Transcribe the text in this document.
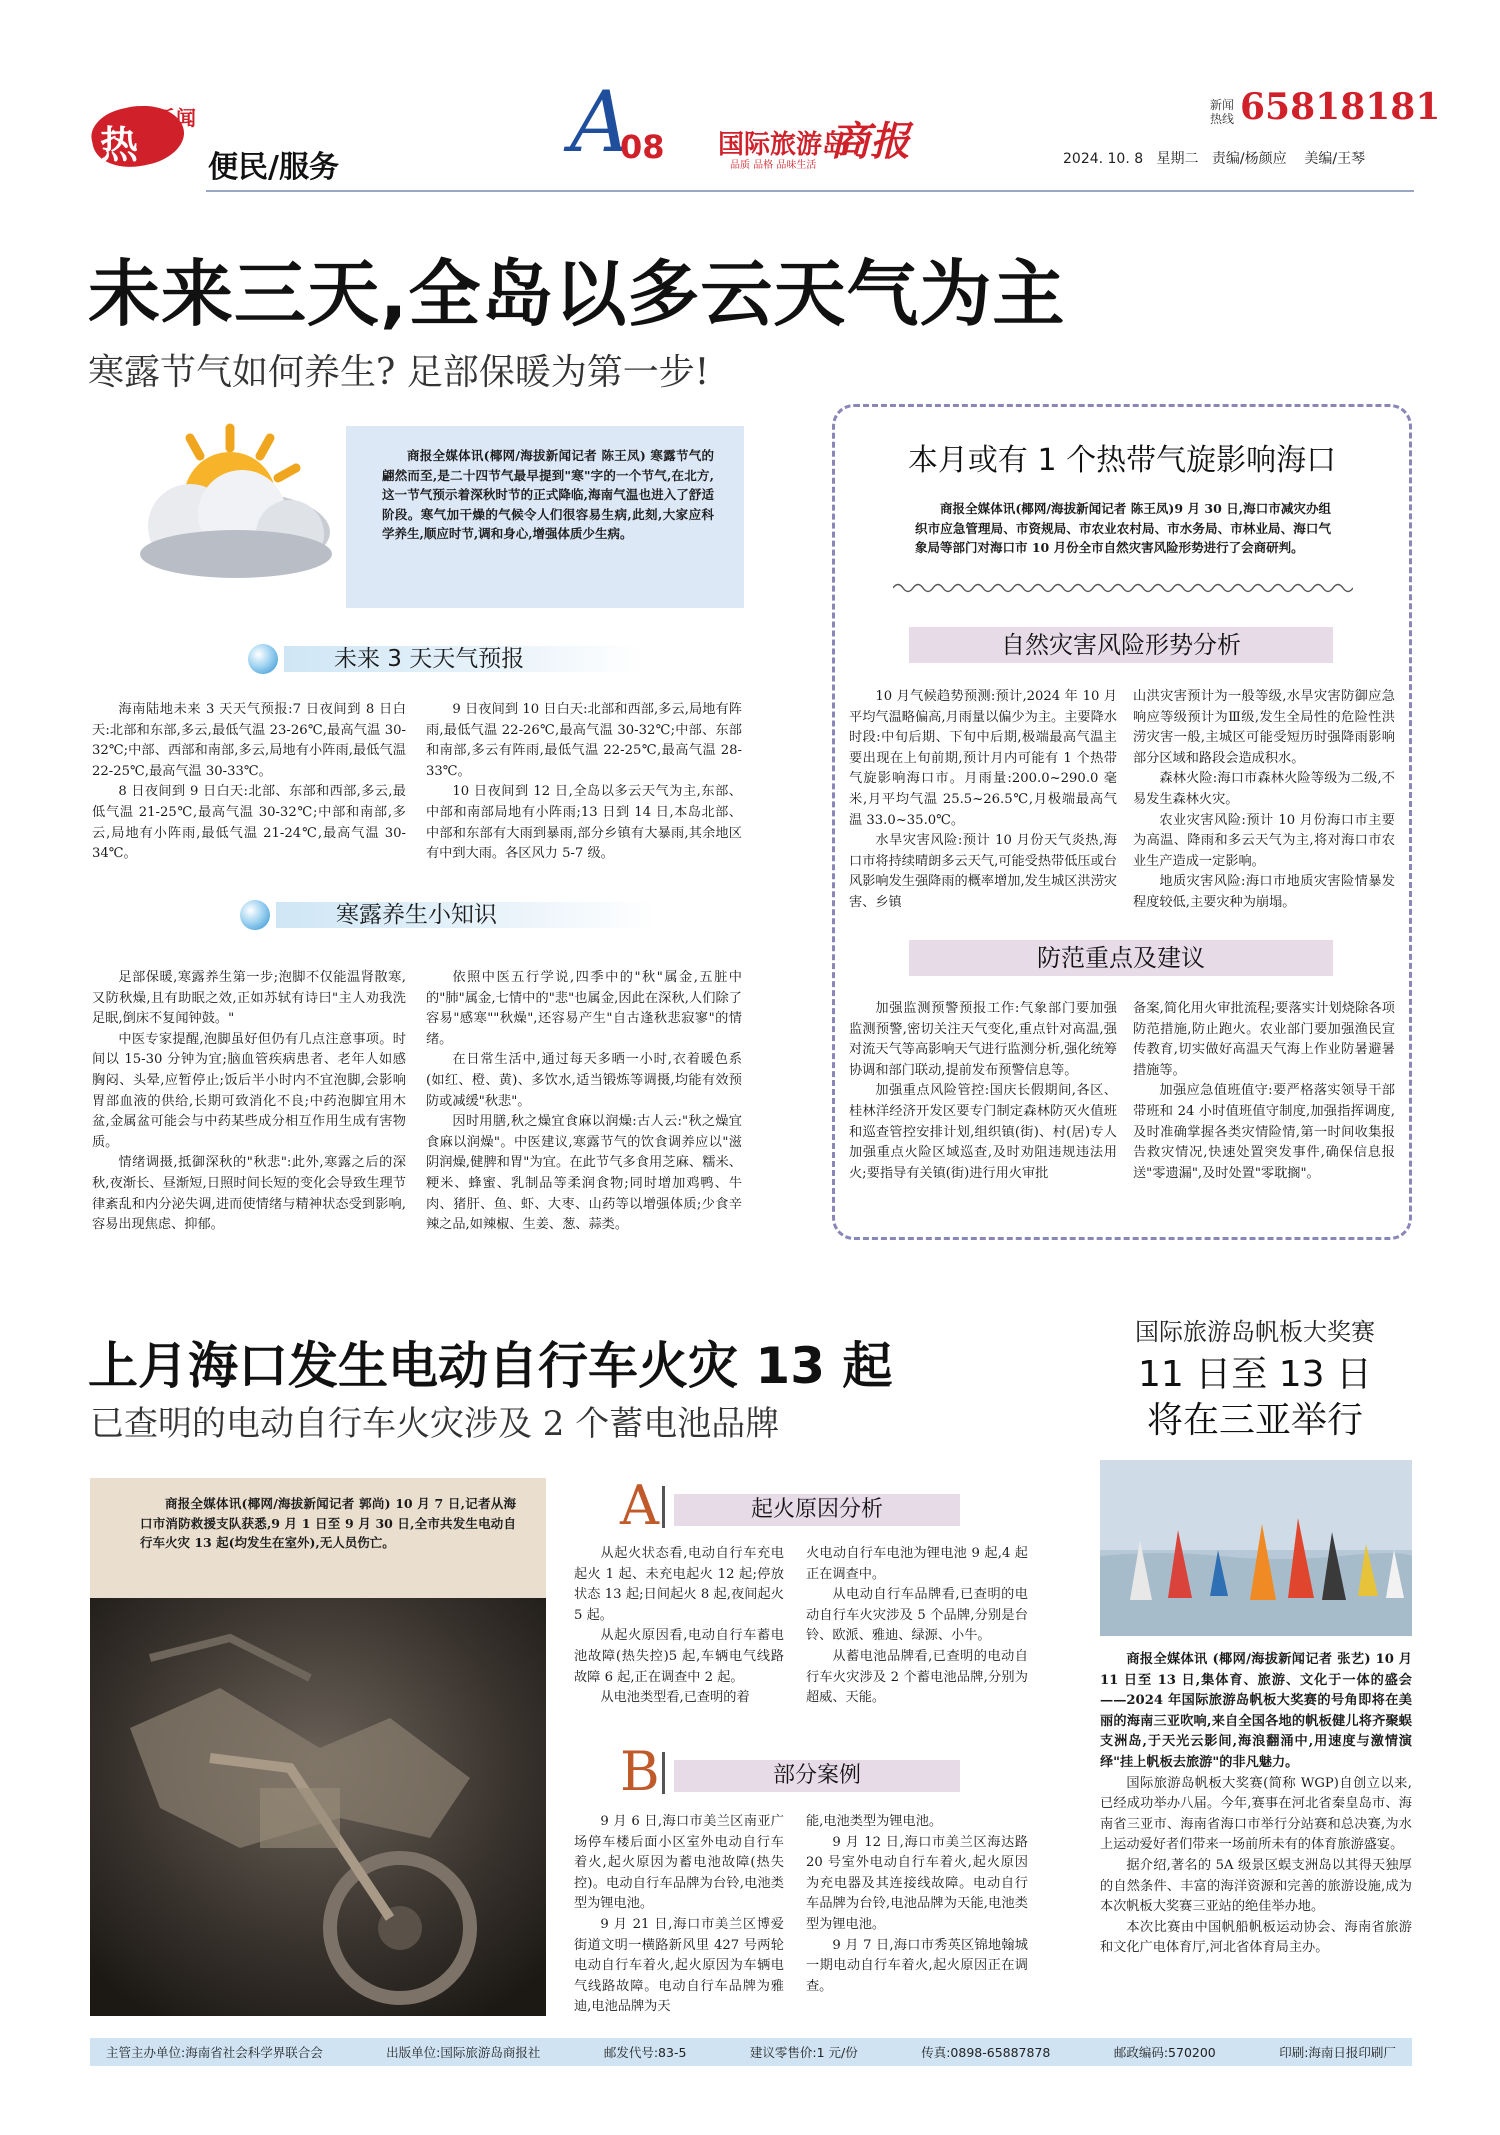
热
新 闻
便民/服务	A
08 国际旅游岛
商报
品质 品格 品味生活
新闻热线 65818181
2024. 10. 8 星期二 责编/杨颜应 美编/王琴
未来三天,全岛以多云天气为主
寒露节气如何养生? 足部保暖为第一步!
商报全媒体讯(椰网/海拔新闻记者 陈王凤) 寒露节气的翩然而至,是二十四节气最早提到"寒"字的一个节气,在北方,这一节气预示着深秋时节的正式降临,海南气温也进入了舒适阶段。寒气加干燥的气候令人们很容易生病,此刻,大家应科学养生,顺应时节,调和身心,增强体质少生病。
未来 3 天天气预报

海南陆地未来 3 天天气预报:7 日夜间到 8 日白天:北部和东部,多云,最低气温 23-26℃,最高气温 30-32℃;中部、西部和南部,多云,局地有小阵雨,最低气温 22-25℃,最高气温 30-33℃。

8 日夜间到 9 日白天:北部、东部和西部,多云,最低气温 21-25℃,最高气温 30-32℃;中部和南部,多云,局地有小阵雨,最低气温 21-24℃,最高气温 30-34℃。

9 日夜间到 10 日白天:北部和西部,多云,局地有阵雨,最低气温 22-26℃,最高气温 30-32℃;中部、东部和南部,多云有阵雨,最低气温 22-25℃,最高气温 28-33℃。

10 日夜间到 12 日,全岛以多云天气为主,东部、中部和南部局地有小阵雨;13 日到 14 日,本岛北部、中部和东部有大雨到暴雨,部分乡镇有大暴雨,其余地区有中到大雨。各区风力 5-7 级。

寒露养生小知识

足部保暖,寒露养生第一步;泡脚不仅能温肾散寒,又防秋燥,且有助眠之效,正如苏轼有诗曰"主人劝我洗足眠,倒床不复闻钟鼓。"

中医专家提醒,泡脚虽好但仍有几点注意事项。时间以 15-30 分钟为宜;脑血管疾病患者、老年人如感胸闷、头晕,应暂停止;饭后半小时内不宜泡脚,会影响胃部血液的供给,长期可致消化不良;中药泡脚宜用木盆,金属盆可能会与中药某些成分相互作用生成有害物质。

情绪调摄,抵御深秋的"秋悲":此外,寒露之后的深秋,夜渐长、昼渐短,日照时间长短的变化会导致生理节律紊乱和内分泌失调,进而使情绪与精神状态受到影响,容易出现焦虑、抑郁。

依照中医五行学说,四季中的"秋"属金,五脏中的"肺"属金,七情中的"悲"也属金,因此在深秋,人们除了容易"感寒""秋燥",还容易产生"自古逢秋悲寂寥"的情绪。

在日常生活中,通过每天多晒一小时,衣着暖色系(如红、橙、黄)、多饮水,适当锻炼等调摄,均能有效预防或减缓"秋悲"。

因时用膳,秋之燥宜食麻以润燥:古人云:"秋之燥宜食麻以润燥"。中医建议,寒露节气的饮食调养应以"滋阴润燥,健脾和胃"为宜。在此节气多食用芝麻、糯米、粳米、蜂蜜、乳制品等柔润食物;同时增加鸡鸭、牛肉、猪肝、鱼、虾、大枣、山药等以增强体质;少食辛辣之品,如辣椒、生姜、葱、蒜类。

本月或有 1 个热带气旋影响海口
商报全媒体讯(椰网/海拔新闻记者 陈王凤)9 月 30 日,海口市减灾办组织市应急管理局、市资规局、市农业农村局、市水务局、市林业局、海口气象局等部门对海口市 10 月份全市自然灾害风险形势进行了会商研判。
自然灾害风险形势分析

10 月气候趋势预测:预计,2024 年 10 月平均气温略偏高,月雨量以偏少为主。主要降水时段:中旬后期、下旬中后期,极端最高气温主要出现在上旬前期,预计月内可能有 1 个热带气旋影响海口市。月雨量:200.0~290.0 毫米,月平均气温 25.5~26.5℃,月极端最高气温 33.0~35.0℃。

水旱灾害风险:预计 10 月份天气炎热,海口市将持续晴朗多云天气,可能受热带低压或台风影响发生强降雨的概率增加,发生城区洪涝灾害、乡镇

山洪灾害预计为一般等级,水旱灾害防御应急响应等级预计为Ⅲ级,发生全局性的危险性洪涝灾害一般,主城区可能受短历时强降雨影响部分区域和路段会造成积水。

森林火险:海口市森林火险等级为二级,不易发生森林火灾。

农业灾害风险:预计 10 月份海口市主要为高温、降雨和多云天气为主,将对海口市农业生产造成一定影响。

地质灾害风险:海口市地质灾害险情暴发程度较低,主要灾种为崩塌。

防范重点及建议

加强监测预警预报工作:气象部门要加强监测预警,密切关注天气变化,重点针对高温,强对流天气等高影响天气进行监测分析,强化统筹协调和部门联动,提前发布预警信息等。

加强重点风险管控:国庆长假期间,各区、桂林洋经济开发区要专门制定森林防灭火值班和巡查管控安排计划,组织镇(街)、村(居)专人加强重点火险区域巡查,及时劝阻违规违法用火;要指导有关镇(街)进行用火审批

备案,简化用火审批流程;要落实计划烧除各项防范措施,防止跑火。农业部门要加强渔民宣传教育,切实做好高温天气海上作业防暑避暑措施等。

加强应急值班值守:要严格落实领导干部带班和 24 小时值班值守制度,加强指挥调度,及时准确掌握各类灾情险情,第一时间收集报告救灾情况,快速处置突发事件,确保信息报送"零遗漏",及时处置"零耽搁"。

上月海口发生电动自行车火灾 13 起
已查明的电动自行车火灾涉及 2 个蓄电池品牌
商报全媒体讯(椰网/海拔新闻记者 郭尚) 10 月 7 日,记者从海口市消防救援支队获悉,9 月 1 日至 9 月 30 日,全市共发生电动自行车火灾 13 起(均发生在室外),无人员伤亡。
A	起火原因分析

从起火状态看,电动自行车充电起火 1 起、未充电起火 12 起;停放状态 13 起;日间起火 8 起,夜间起火 5 起。

从起火原因看,电动自行车蓄电池故障(热失控)5 起,车辆电气线路故障 6 起,正在调查中 2 起。

从电池类型看,已查明的着

火电动自行车电池为锂电池 9 起,4 起正在调查中。

从电动自行车品牌看,已查明的电动自行车火灾涉及 5 个品牌,分别是台铃、欧派、雅迪、绿源、小牛。

从蓄电池品牌看,已查明的电动自行车火灾涉及 2 个蓄电池品牌,分别为超威、天能。

B	部分案例

9 月 6 日,海口市美兰区南亚广场停车楼后面小区室外电动自行车着火,起火原因为蓄电池故障(热失控)。电动自行车品牌为台铃,电池类型为锂电池。

9 月 21 日,海口市美兰区博爱街道文明一横路新风里 427 号两轮电动自行车着火,起火原因为车辆电气线路故障。电动自行车品牌为雅迪,电池品牌为天

能,电池类型为锂电池。

9 月 12 日,海口市美兰区海达路 20 号室外电动自行车着火,起火原因为充电器及其连接线故障。电动自行车品牌为台铃,电池品牌为天能,电池类型为锂电池。

9 月 7 日,海口市秀英区锦地翰城一期电动自行车着火,起火原因正在调查。

国际旅游岛帆板大奖赛
11 日至 13 日
将在三亚举行

商报全媒体讯 (椰网/海拔新闻记者 张艺) 10 月 11 日至 13 日,集体育、旅游、文化于一体的盛会——2024 年国际旅游岛帆板大奖赛的号角即将在美丽的海南三亚吹响,来自全国各地的帆板健儿将齐聚蜈支洲岛,于天光云影间,海浪翻涌中,用速度与激情演绎"挂上帆板去旅游"的非凡魅力。

国际旅游岛帆板大奖赛(简称 WGP)自创立以来,已经成功举办八届。今年,赛事在河北省秦皇岛市、海南省三亚市、海南省海口市举行分站赛和总决赛,为水上运动爱好者们带来一场前所未有的体育旅游盛宴。

据介绍,著名的 5A 级景区蜈支洲岛以其得天独厚的自然条件、丰富的海洋资源和完善的旅游设施,成为本次帆板大奖赛三亚站的绝佳举办地。

本次比赛由中国帆船帆板运动协会、海南省旅游和文化广电体育厅,河北省体育局主办。

主管主办单位:海南省社会科学界联合会	出版单位:国际旅游岛商报社	邮发代号:83-5	建议零售价:1 元/份	传真:0898-65887878	邮政编码:570200	印刷:海南日报印刷厂
